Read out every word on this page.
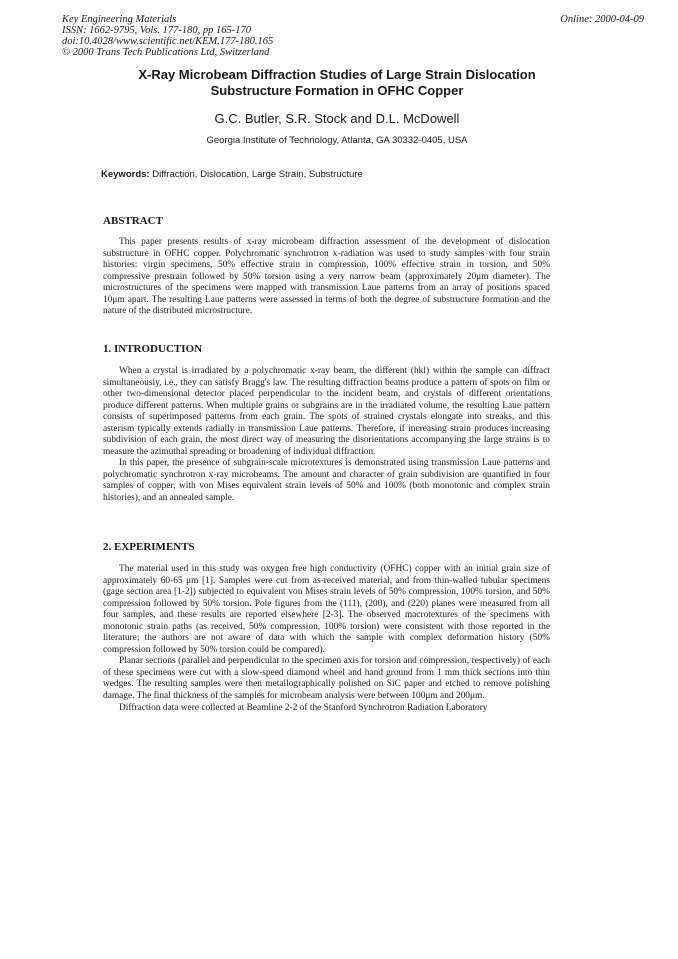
Key Engineering Materials
ISSN: 1662-9795, Vols. 177-180, pp 165-170
doi:10.4028/www.scientific.net/KEM.177-180.165
© 2000 Trans Tech Publications Ltd, Switzerland
Online: 2000-04-09
X-Ray Microbeam Diffraction Studies of Large Strain Dislocation
Substructure Formation in OFHC Copper
G.C. Butler, S.R. Stock and D.L. McDowell
Georgia Institute of Technology, Atlanta, GA 30332-0405, USA
Keywords: Diffraction, Dislocation, Large Strain, Substructure
ABSTRACT

This paper presents results of x-ray microbeam diffraction assessment of the development of dislocation substructure in OFHC copper. Polychromatic synchrotron x-radiation was used to study samples with four strain histories: virgin specimens, 50% effective strain in compression, 100% effective strain in torsion, and 50% compressive prestrain followed by 50% torsion using a very narrow beam (approximately 20μm diameter). The microstructures of the specimens were mapped with transmission Laue patterns from an array of positions spaced 10μm apart. The resulting Laue patterns were assessed in terms of both the degree of substructure formation and the nature of the distributed microstructure.

1. INTRODUCTION

When a crystal is irradiated by a polychromatic x-ray beam, the different (hkl) within the sample can diffract simultaneously, i.e., they can satisfy Bragg's law. The resulting diffraction beams produce a pattern of spots on film or other two-dimensional detector placed perpendicular to the incident beam, and crystals of different orientations produce different patterns. When multiple grains or subgrains are in the irradiated volume, the resulting Laue pattern consists of superimposed patterns from each grain. The spots of strained crystals elongate into streaks, and this asterism typically extends radially in transmission Laue patterns. Therefore, if increasing strain produces increasing subdivision of each grain, the most direct way of measuring the disorientations accompanying the large strains is to measure the azimuthal spreading or broadening of individual diffraction.

In this paper, the presence of subgrain-scale microtextures is demonstrated using transmission Laue patterns and polychromatic synchrotron x-ray microbeams. The amount and character of grain subdivision are quantified in four samples of copper, with von Mises equivalent strain levels of 50% and 100% (both monotonic and complex strain histories), and an annealed sample.

2. EXPERIMENTS

The material used in this study was oxygen free high conductivity (OFHC) copper with an initial grain size of approximately 60-65 μm [1]. Samples were cut from as-received material, and from thin-walled tubular specimens (gage section area [1-2]) subjected to equivalent von Mises strain levels of 50% compression, 100% torsion, and 50% compression followed by 50% torsion. Pole figures from the (111), (200), and (220) planes were measured from all four samples, and these results are reported elsewhere [2-3]. The observed macrotextures of the specimens with monotonic strain paths (as received, 50% compression, 100% torsion) were consistent with those reported in the literature; the authors are not aware of data with which the sample with complex deformation history (50% compression followed by 50% torsion could be compared).

Planar sections (parallel and perpendicular to the specimen axis for torsion and compression, respectively) of each of these specimens were cut with a slow-speed diamond wheel and hand ground from 1 mm thick sections into thin wedges. The resulting samples were then metallographically polished on SiC paper and etched to remove polishing damage. The final thickness of the samples for microbeam analysis were between 100μm and 200μm.

Diffraction data were collected at Beamline 2-2 of the Stanford Synchrotron Radiation Laboratory
